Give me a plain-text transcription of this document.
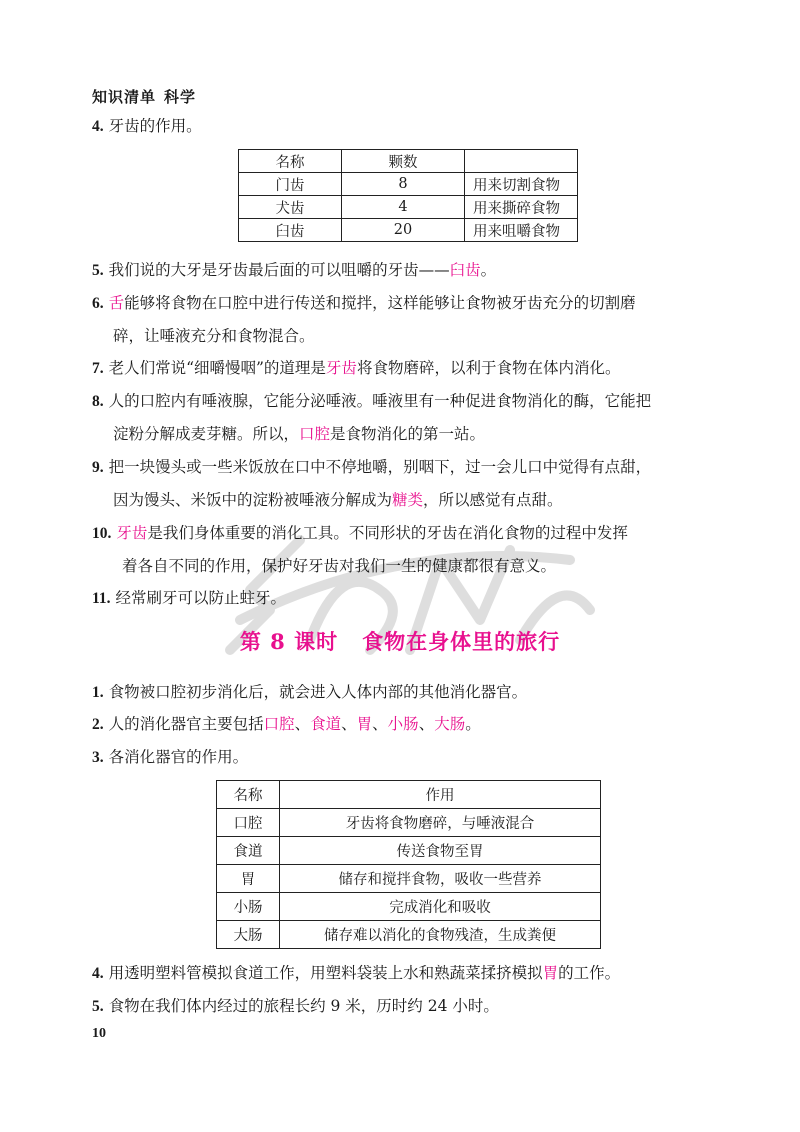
知识清单 科学
4. 牙齿的作用。
名称	颗数	
门齿	8	用来切割食物
犬齿	4	用来撕碎食物
臼齿	20	用来咀嚼食物
5. 我们说的大牙是牙齿最后面的可以咀嚼的牙齿——臼齿。
6. 舌能够将食物在口腔中进行传送和搅拌，这样能够让食物被牙齿充分的切割磨
碎，让唾液充分和食物混合。
7. 老人们常说“细嚼慢咽”的道理是牙齿将食物磨碎，以利于食物在体内消化。
8. 人的口腔内有唾液腺，它能分泌唾液。唾液里有一种促进食物消化的酶，它能把
淀粉分解成麦芽糖。所以，口腔是食物消化的第一站。
9. 把一块馒头或一些米饭放在口中不停地嚼，别咽下，过一会儿口中觉得有点甜，
因为馒头、米饭中的淀粉被唾液分解成为糖类，所以感觉有点甜。
10. 牙齿是我们身体重要的消化工具。不同形状的牙齿在消化食物的过程中发挥
着各自不同的作用，保护好牙齿对我们一生的健康都很有意义。
11. 经常刷牙可以防止蛀牙。
第 8 课时 食物在身体里的旅行
1. 食物被口腔初步消化后，就会进入人体内部的其他消化器官。
2. 人的消化器官主要包括口腔、食道、胃、小肠、大肠。
3. 各消化器官的作用。
名称	作用
口腔	牙齿将食物磨碎，与唾液混合
食道	传送食物至胃
胃	储存和搅拌食物，吸收一些营养
小肠	完成消化和吸收
大肠	储存难以消化的食物残渣，生成粪便
4. 用透明塑料管模拟食道工作，用塑料袋装上水和熟蔬菜揉挤模拟胃的工作。
5. 食物在我们体内经过的旅程长约 9 米，历时约 24 小时。
10
